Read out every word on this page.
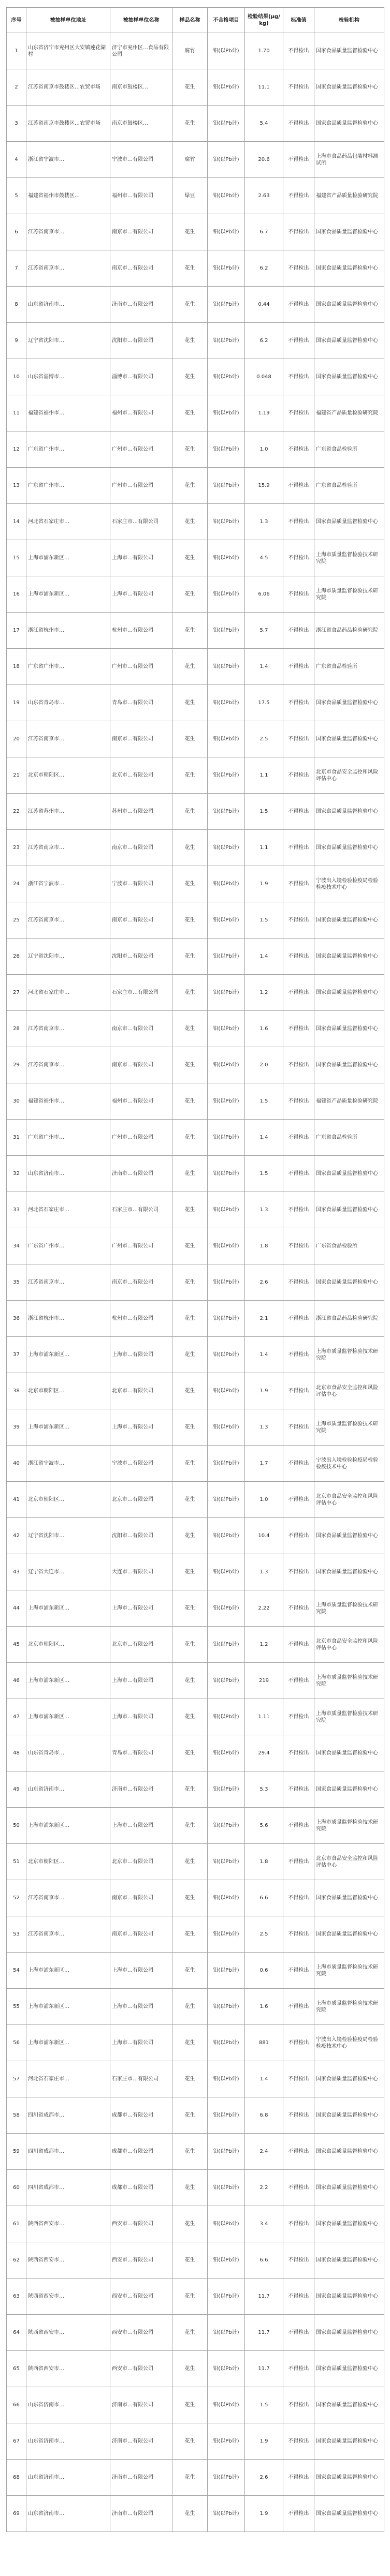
序号	被抽样单位地址	被抽样单位名称	样品名称	不合格项目	检验结果(μg/kg)	标准值	检验机构
1	山东省济宁市兖州区大安镇莲花湖村	济宁市兖州区…食品有限公司	腐竹	铅(以Pb计)	1.70	不得检出	国家食品质量监督检验中心
2	江苏省南京市鼓楼区…农贸市场	南京市鼓楼区…	花生	铅(以Pb计)	11.1	不得检出	国家食品质量监督检验中心
3	江苏省南京市鼓楼区…农贸市场	南京市鼓楼区…	花生	铅(以Pb计)	5.4	不得检出	国家食品质量监督检验中心
4	浙江省宁波市…	宁波市…有限公司	腐竹	铅(以Pb计)	20.6	不得检出	上海市食品药品包装材料测试所
5	福建省福州市鼓楼区…	福州市…有限公司	绿豆	铅(以Pb计)	2.63	不得检出	福建省产品质量检验研究院
6	江苏省南京市…	南京市…有限公司	花生	铅(以Pb计)	6.7	不得检出	国家食品质量监督检验中心
7	江苏省南京市…	南京市…有限公司	花生	铅(以Pb计)	6.2	不得检出	国家食品质量监督检验中心
8	山东省济南市…	济南市…有限公司	花生	铅(以Pb计)	0.44	不得检出	国家食品质量监督检验中心
9	辽宁省沈阳市…	沈阳市…有限公司	花生	铅(以Pb计)	6.2	不得检出	国家食品质量监督检验中心
10	山东省淄博市…	淄博市…有限公司	花生	铅(以Pb计)	0.048	不得检出	国家食品质量监督检验中心
11	福建省福州市…	福州市…有限公司	花生	铅(以Pb计)	1.19	不得检出	福建省产品质量检验研究院
12	广东省广州市…	广州市…有限公司	花生	铅(以Pb计)	1.0	不得检出	广东省食品检验所
13	广东省广州市…	广州市…有限公司	花生	铅(以Pb计)	15.9	不得检出	广东省食品检验所
14	河北省石家庄市…	石家庄市…有限公司	花生	铅(以Pb计)	1.3	不得检出	国家食品质量监督检验中心
15	上海市浦东新区…	上海市…有限公司	花生	铅(以Pb计)	4.5	不得检出	上海市质量监督检验技术研究院
16	上海市浦东新区…	上海市…有限公司	花生	铅(以Pb计)	6.06	不得检出	上海市质量监督检验技术研究院
17	浙江省杭州市…	杭州市…有限公司	花生	铅(以Pb计)	5.7	不得检出	浙江省食品药品检验研究院
18	广东省广州市…	广州市…有限公司	花生	铅(以Pb计)	1.4	不得检出	广东省食品检验所
19	山东省青岛市…	青岛市…有限公司	花生	铅(以Pb计)	17.5	不得检出	国家食品质量监督检验中心
20	江苏省南京市…	南京市…有限公司	花生	铅(以Pb计)	2.5	不得检出	国家食品质量监督检验中心
21	北京市朝阳区…	北京市…有限公司	花生	铅(以Pb计)	1.1	不得检出	北京市食品安全监控和风险评估中心
22	江苏省苏州市…	苏州市…有限公司	花生	铅(以Pb计)	1.5	不得检出	国家食品质量监督检验中心
23	江苏省南京市…	南京市…有限公司	花生	铅(以Pb计)	1.1	不得检出	国家食品质量监督检验中心
24	浙江省宁波市…	宁波市…有限公司	花生	铅(以Pb计)	1.9	不得检出	宁波出入境检验检疫局检验检疫技术中心
25	江苏省南京市…	南京市…有限公司	花生	铅(以Pb计)	1.5	不得检出	国家食品质量监督检验中心
26	辽宁省沈阳市…	沈阳市…有限公司	花生	铅(以Pb计)	1.4	不得检出	国家食品质量监督检验中心
27	河北省石家庄市…	石家庄市…有限公司	花生	铅(以Pb计)	1.2	不得检出	国家食品质量监督检验中心
28	江苏省南京市…	南京市…有限公司	花生	铅(以Pb计)	1.6	不得检出	国家食品质量监督检验中心
29	江苏省南京市…	南京市…有限公司	花生	铅(以Pb计)	2.0	不得检出	国家食品质量监督检验中心
30	福建省福州市…	福州市…有限公司	花生	铅(以Pb计)	1.5	不得检出	福建省产品质量检验研究院
31	广东省广州市…	广州市…有限公司	花生	铅(以Pb计)	1.4	不得检出	广东省食品检验所
32	山东省济南市…	济南市…有限公司	花生	铅(以Pb计)	1.5	不得检出	国家食品质量监督检验中心
33	河北省石家庄市…	石家庄市…有限公司	花生	铅(以Pb计)	1.3	不得检出	国家食品质量监督检验中心
34	广东省广州市…	广州市…有限公司	花生	铅(以Pb计)	1.8	不得检出	广东省食品检验所
35	江苏省南京市…	南京市…有限公司	花生	铅(以Pb计)	2.6	不得检出	国家食品质量监督检验中心
36	浙江省杭州市…	杭州市…有限公司	花生	铅(以Pb计)	2.1	不得检出	浙江省食品药品检验研究院
37	上海市浦东新区…	上海市…有限公司	花生	铅(以Pb计)	1.4	不得检出	上海市质量监督检验技术研究院
38	北京市朝阳区…	北京市…有限公司	花生	铅(以Pb计)	1.9	不得检出	北京市食品安全监控和风险评估中心
39	上海市浦东新区…	上海市…有限公司	花生	铅(以Pb计)	1.3	不得检出	上海市质量监督检验技术研究院
40	浙江省宁波市…	宁波市…有限公司	花生	铅(以Pb计)	1.7	不得检出	宁波出入境检验检疫局检验检疫技术中心
41	北京市朝阳区…	北京市…有限公司	花生	铅(以Pb计)	1.0	不得检出	北京市食品安全监控和风险评估中心
42	辽宁省沈阳市…	沈阳市…有限公司	花生	铅(以Pb计)	10.4	不得检出	国家食品质量监督检验中心
43	辽宁省大连市…	大连市…有限公司	花生	铅(以Pb计)	1.3	不得检出	国家食品质量监督检验中心
44	上海市浦东新区…	上海市…有限公司	花生	铅(以Pb计)	2.22	不得检出	上海市质量监督检验技术研究院
45	北京市朝阳区…	北京市…有限公司	花生	铅(以Pb计)	1.2	不得检出	北京市食品安全监控和风险评估中心
46	上海市浦东新区…	上海市…有限公司	花生	铅(以Pb计)	219	不得检出	上海市质量监督检验技术研究院
47	上海市浦东新区…	上海市…有限公司	花生	铅(以Pb计)	1.11	不得检出	上海市质量监督检验技术研究院
48	山东省青岛市…	青岛市…有限公司	花生	铅(以Pb计)	29.4	不得检出	国家食品质量监督检验中心
49	山东省济南市…	济南市…有限公司	花生	铅(以Pb计)	5.3	不得检出	国家食品质量监督检验中心
50	上海市浦东新区…	上海市…有限公司	花生	铅(以Pb计)	5.6	不得检出	上海市质量监督检验技术研究院
51	北京市朝阳区…	北京市…有限公司	花生	铅(以Pb计)	1.8	不得检出	北京市食品安全监控和风险评估中心
52	江苏省南京市…	南京市…有限公司	花生	铅(以Pb计)	6.6	不得检出	国家食品质量监督检验中心
53	江苏省南京市…	南京市…有限公司	花生	铅(以Pb计)	2.5	不得检出	国家食品质量监督检验中心
54	上海市浦东新区…	上海市…有限公司	花生	铅(以Pb计)	0.6	不得检出	上海市质量监督检验技术研究院
55	上海市浦东新区…	上海市…有限公司	花生	铅(以Pb计)	1.6	不得检出	上海市质量监督检验技术研究院
56	上海市浦东新区…	上海市…有限公司	花生	铅(以Pb计)	881	不得检出	宁波出入境检验检疫局检验检疫技术中心
57	河北省石家庄市…	石家庄市…有限公司	花生	铅(以Pb计)	1.4	不得检出	国家食品质量监督检验中心
58	四川省成都市…	成都市…有限公司	花生	铅(以Pb计)	6.8	不得检出	国家食品质量监督检验中心
59	四川省成都市…	成都市…有限公司	花生	铅(以Pb计)	2.4	不得检出	国家食品质量监督检验中心
60	四川省成都市…	成都市…有限公司	花生	铅(以Pb计)	2.2	不得检出	国家食品质量监督检验中心
61	陕西省西安市…	西安市…有限公司	花生	铅(以Pb计)	3.4	不得检出	国家食品质量监督检验中心
62	陕西省西安市…	西安市…有限公司	花生	铅(以Pb计)	6.6	不得检出	国家食品质量监督检验中心
63	陕西省西安市…	西安市…有限公司	花生	铅(以Pb计)	11.7	不得检出	国家食品质量监督检验中心
64	陕西省西安市…	西安市…有限公司	花生	铅(以Pb计)	11.7	不得检出	国家食品质量监督检验中心
65	陕西省西安市…	西安市…有限公司	花生	铅(以Pb计)	11.7	不得检出	国家食品质量监督检验中心
66	山东省济南市…	济南市…有限公司	花生	铅(以Pb计)	1.5	不得检出	国家食品质量监督检验中心
67	山东省济南市…	济南市…有限公司	花生	铅(以Pb计)	1.9	不得检出	国家食品质量监督检验中心
68	山东省济南市…	济南市…有限公司	花生	铅(以Pb计)	2.6	不得检出	国家食品质量监督检验中心
69	山东省济南市…	济南市…有限公司	花生	铅(以Pb计)	1.9	不得检出	国家食品质量监督检验中心
